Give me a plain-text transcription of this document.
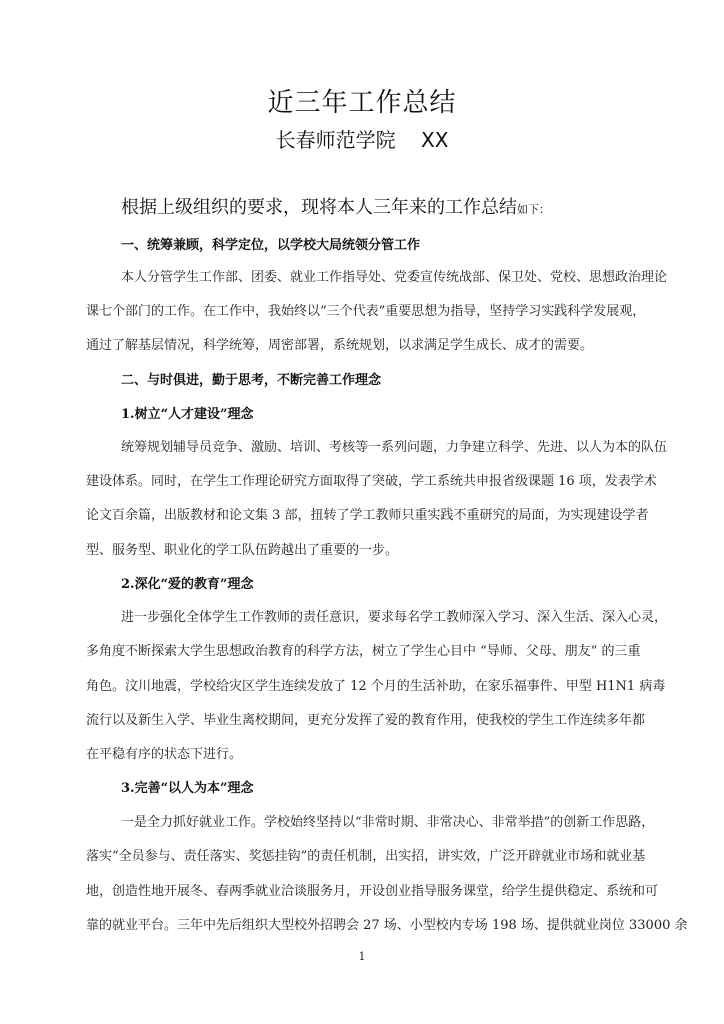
近三年工作总结
长春师范学院    XX
根据上级组织的要求，现将本人三年来的工作总结如下：
一、统筹兼顾，科学定位，以学校大局统领分管工作
本人分管学生工作部、团委、就业工作指导处、党委宣传统战部、保卫处、党校、思想政治理论
课七个部门的工作。在工作中，我始终以“三个代表”重要思想为指导，坚持学习实践科学发展观，
通过了解基层情况，科学统筹，周密部署，系统规划，以求满足学生成长、成才的需要。
二、与时俱进，勤于思考，不断完善工作理念
1.树立“人才建设”理念
统筹规划辅导员竞争、激励、培训、考核等一系列问题，力争建立科学、先进、以人为本的队伍
建设体系。同时，在学生工作理论研究方面取得了突破，学工系统共申报省级课题 16 项，发表学术
论文百余篇，出版教材和论文集 3 部，扭转了学工教师只重实践不重研究的局面，为实现建设学者
型、服务型、职业化的学工队伍跨越出了重要的一步。
2.深化“爱的教育”理念
进一步强化全体学生工作教师的责任意识，要求每名学工教师深入学习、深入生活、深入心灵，
多角度不断探索大学生思想政治教育的科学方法，树立了学生心目中 “导师、父母、朋友” 的三重
角色。汶川地震，学校给灾区学生连续发放了 12 个月的生活补助，在家乐福事件、甲型 H1N1 病毒
流行以及新生入学、毕业生离校期间，更充分发挥了爱的教育作用，使我校的学生工作连续多年都
在平稳有序的状态下进行。
3.完善“以人为本”理念
一是全力抓好就业工作。学校始终坚持以“非常时期、非常决心、非常举措”的创新工作思路，
落实“全员参与、责任落实、奖惩挂钩”的责任机制，出实招，讲实效，广泛开辟就业市场和就业基
地，创造性地开展冬、春两季就业洽谈服务月，开设创业指导服务课堂，给学生提供稳定、系统和可
靠的就业平台。三年中先后组织大型校外招聘会 27 场、小型校内专场 198 场、提供就业岗位 33000 余
1
